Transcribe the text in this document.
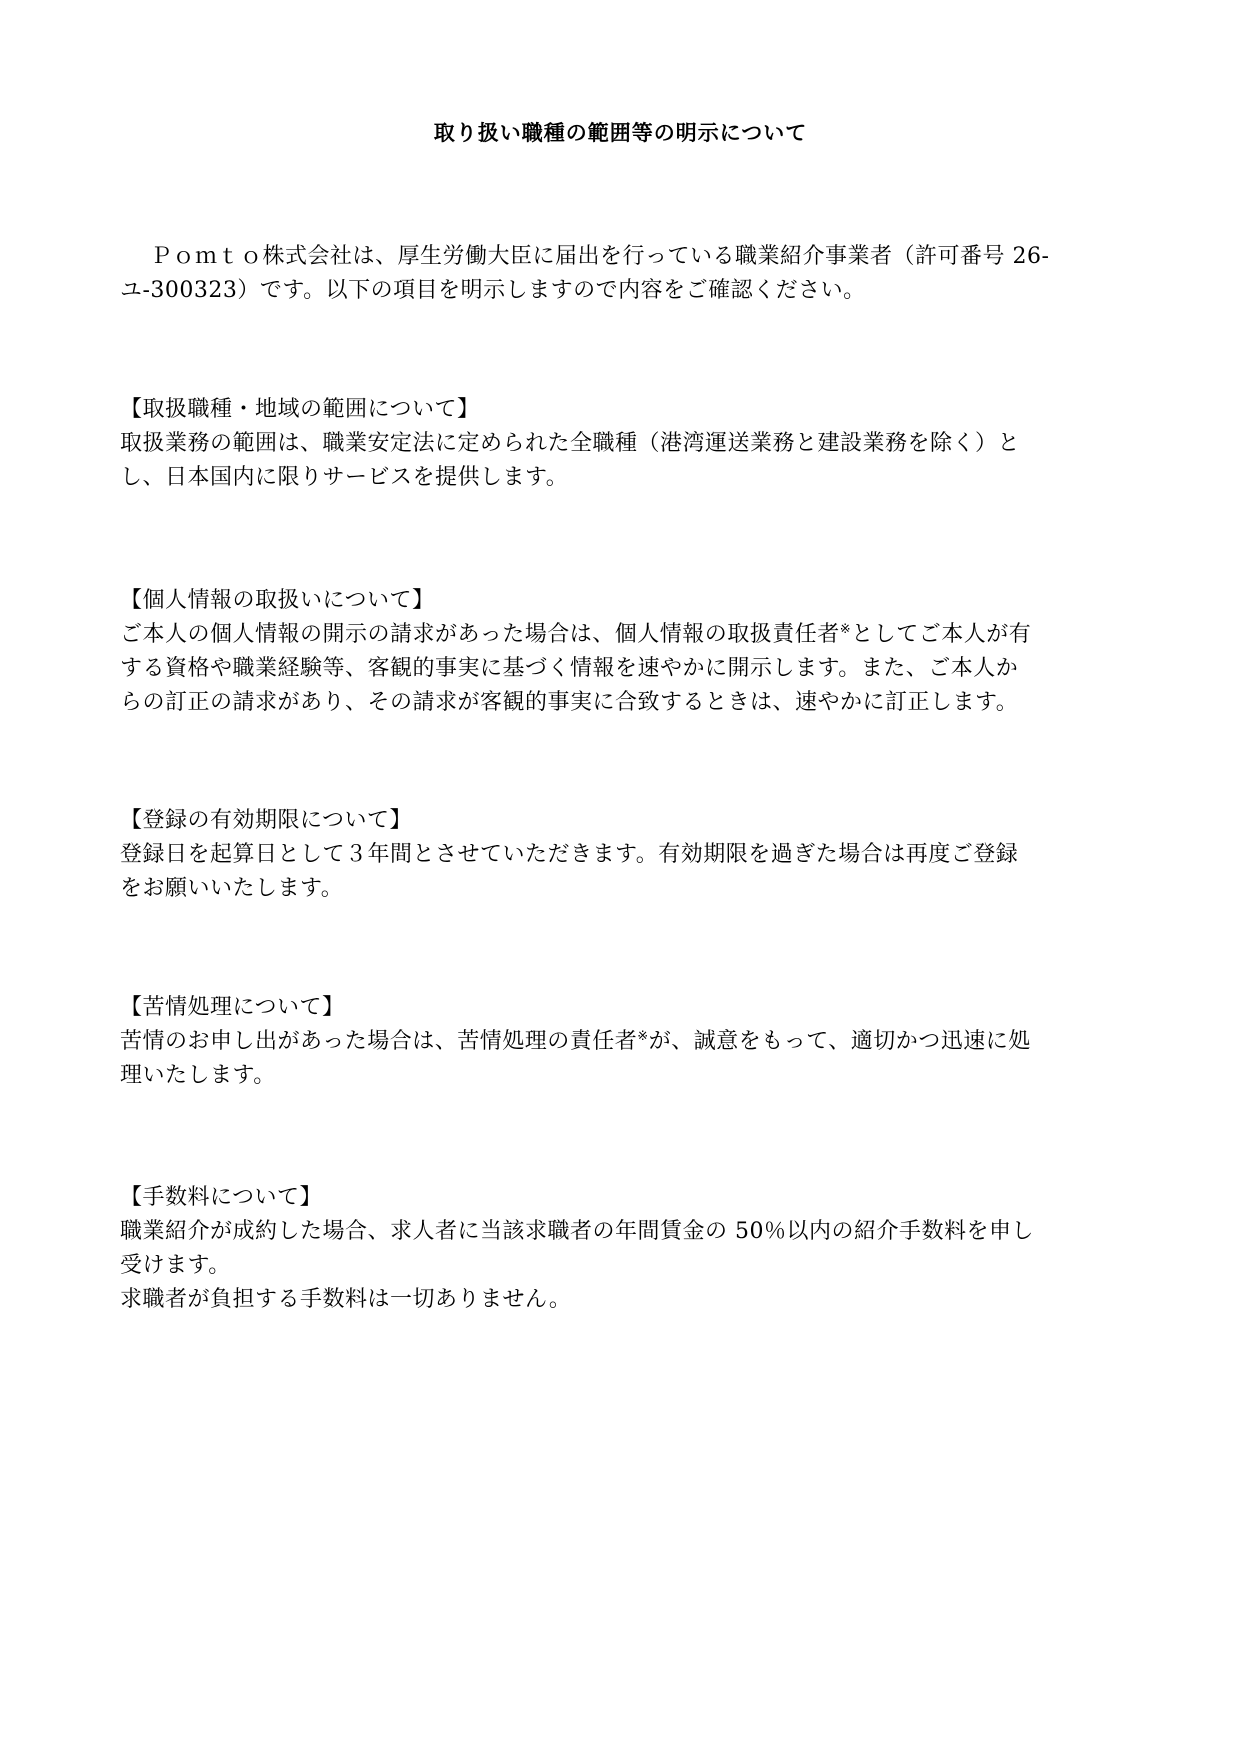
取り扱い職種の範囲等の明示について

Ｐｏｍｔｏ株式会社は、厚生労働大臣に届出を行っている職業紹介事業者（許可番号 26-

ユ-300323）です。以下の項目を明示しますので内容をご確認ください。

【取扱職種・地域の範囲について】

取扱業務の範囲は、職業安定法に定められた全職種（港湾運送業務と建設業務を除く）と

し、日本国内に限りサービスを提供します。

【個人情報の取扱いについて】

ご本人の個人情報の開示の請求があった場合は、個人情報の取扱責任者※としてご本人が有

する資格や職業経験等、客観的事実に基づく情報を速やかに開示します。また、ご本人か

らの訂正の請求があり、その請求が客観的事実に合致するときは、速やかに訂正します。

【登録の有効期限について】

登録日を起算日として３年間とさせていただきます。有効期限を過ぎた場合は再度ご登録

をお願いいたします。

【苦情処理について】

苦情のお申し出があった場合は、苦情処理の責任者※が、誠意をもって、適切かつ迅速に処

理いたします。

【手数料について】

職業紹介が成約した場合、求人者に当該求職者の年間賃金の 50％以内の紹介手数料を申し

受けます。

求職者が負担する手数料は一切ありません。
